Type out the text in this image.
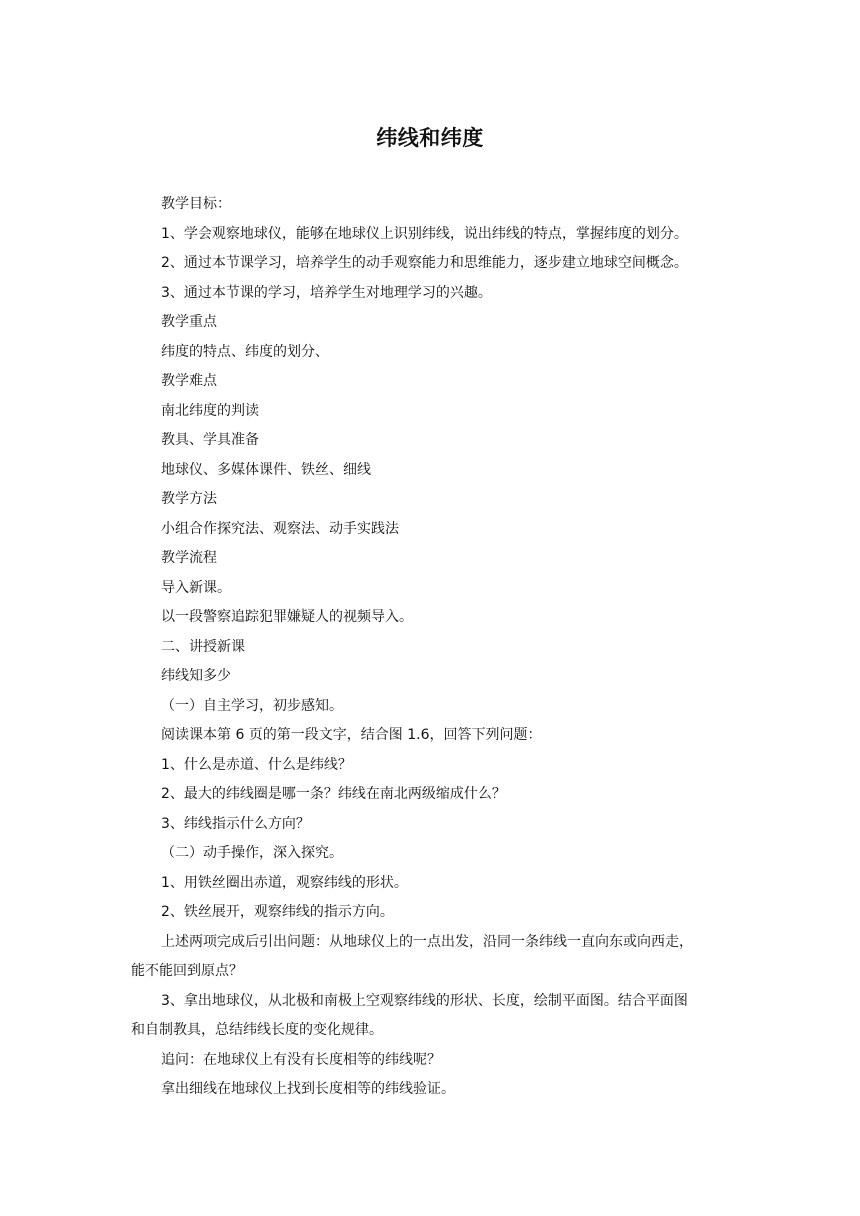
纬线和纬度
教学目标：
1、学会观察地球仪，能够在地球仪上识别纬线，说出纬线的特点，掌握纬度的划分。
2、通过本节课学习，培养学生的动手观察能力和思维能力，逐步建立地球空间概念。
3、通过本节课的学习，培养学生对地理学习的兴趣。
教学重点
纬度的特点、纬度的划分、
教学难点
南北纬度的判读
教具、学具准备
地球仪、多媒体课件、铁丝、细线
教学方法
小组合作探究法、观察法、动手实践法
教学流程
导入新课。
以一段警察追踪犯罪嫌疑人的视频导入。
二、讲授新课
纬线知多少
（一）自主学习，初步感知。
阅读课本第 6 页的第一段文字，结合图 1.6，回答下列问题：
1、什么是赤道、什么是纬线？
2、最大的纬线圈是哪一条？纬线在南北两级缩成什么？
3、纬线指示什么方向？
（二）动手操作，深入探究。
1、用铁丝圈出赤道，观察纬线的形状。
2、铁丝展开，观察纬线的指示方向。
上述两项完成后引出问题：从地球仪上的一点出发，沿同一条纬线一直向东或向西走，
能不能回到原点？
3、拿出地球仪，从北极和南极上空观察纬线的形状、长度，绘制平面图。结合平面图
和自制教具，总结纬线长度的变化规律。
追问：在地球仪上有没有长度相等的纬线呢？
拿出细线在地球仪上找到长度相等的纬线验证。
